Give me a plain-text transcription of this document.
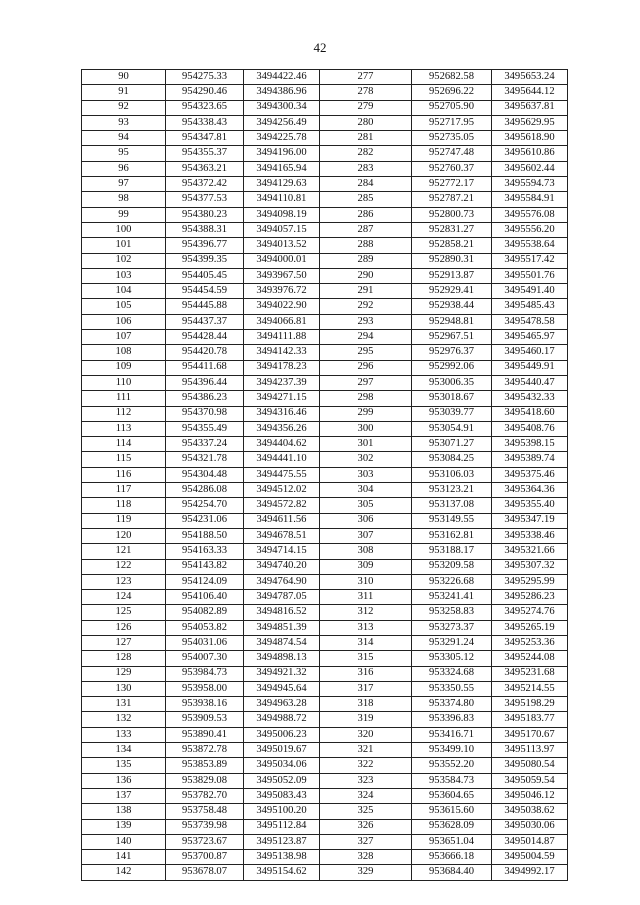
42
90	954275.33	3494422.46	277	952682.58	3495653.24
91	954290.46	3494386.96	278	952696.22	3495644.12
92	954323.65	3494300.34	279	952705.90	3495637.81
93	954338.43	3494256.49	280	952717.95	3495629.95
94	954347.81	3494225.78	281	952735.05	3495618.90
95	954355.37	3494196.00	282	952747.48	3495610.86
96	954363.21	3494165.94	283	952760.37	3495602.44
97	954372.42	3494129.63	284	952772.17	3495594.73
98	954377.53	3494110.81	285	952787.21	3495584.91
99	954380.23	3494098.19	286	952800.73	3495576.08
100	954388.31	3494057.15	287	952831.27	3495556.20
101	954396.77	3494013.52	288	952858.21	3495538.64
102	954399.35	3494000.01	289	952890.31	3495517.42
103	954405.45	3493967.50	290	952913.87	3495501.76
104	954454.59	3493976.72	291	952929.41	3495491.40
105	954445.88	3494022.90	292	952938.44	3495485.43
106	954437.37	3494066.81	293	952948.81	3495478.58
107	954428.44	3494111.88	294	952967.51	3495465.97
108	954420.78	3494142.33	295	952976.37	3495460.17
109	954411.68	3494178.23	296	952992.06	3495449.91
110	954396.44	3494237.39	297	953006.35	3495440.47
111	954386.23	3494271.15	298	953018.67	3495432.33
112	954370.98	3494316.46	299	953039.77	3495418.60
113	954355.49	3494356.26	300	953054.91	3495408.76
114	954337.24	3494404.62	301	953071.27	3495398.15
115	954321.78	3494441.10	302	953084.25	3495389.74
116	954304.48	3494475.55	303	953106.03	3495375.46
117	954286.08	3494512.02	304	953123.21	3495364.36
118	954254.70	3494572.82	305	953137.08	3495355.40
119	954231.06	3494611.56	306	953149.55	3495347.19
120	954188.50	3494678.51	307	953162.81	3495338.46
121	954163.33	3494714.15	308	953188.17	3495321.66
122	954143.82	3494740.20	309	953209.58	3495307.32
123	954124.09	3494764.90	310	953226.68	3495295.99
124	954106.40	3494787.05	311	953241.41	3495286.23
125	954082.89	3494816.52	312	953258.83	3495274.76
126	954053.82	3494851.39	313	953273.37	3495265.19
127	954031.06	3494874.54	314	953291.24	3495253.36
128	954007.30	3494898.13	315	953305.12	3495244.08
129	953984.73	3494921.32	316	953324.68	3495231.68
130	953958.00	3494945.64	317	953350.55	3495214.55
131	953938.16	3494963.28	318	953374.80	3495198.29
132	953909.53	3494988.72	319	953396.83	3495183.77
133	953890.41	3495006.23	320	953416.71	3495170.67
134	953872.78	3495019.67	321	953499.10	3495113.97
135	953853.89	3495034.06	322	953552.20	3495080.54
136	953829.08	3495052.09	323	953584.73	3495059.54
137	953782.70	3495083.43	324	953604.65	3495046.12
138	953758.48	3495100.20	325	953615.60	3495038.62
139	953739.98	3495112.84	326	953628.09	3495030.06
140	953723.67	3495123.87	327	953651.04	3495014.87
141	953700.87	3495138.98	328	953666.18	3495004.59
142	953678.07	3495154.62	329	953684.40	3494992.17
